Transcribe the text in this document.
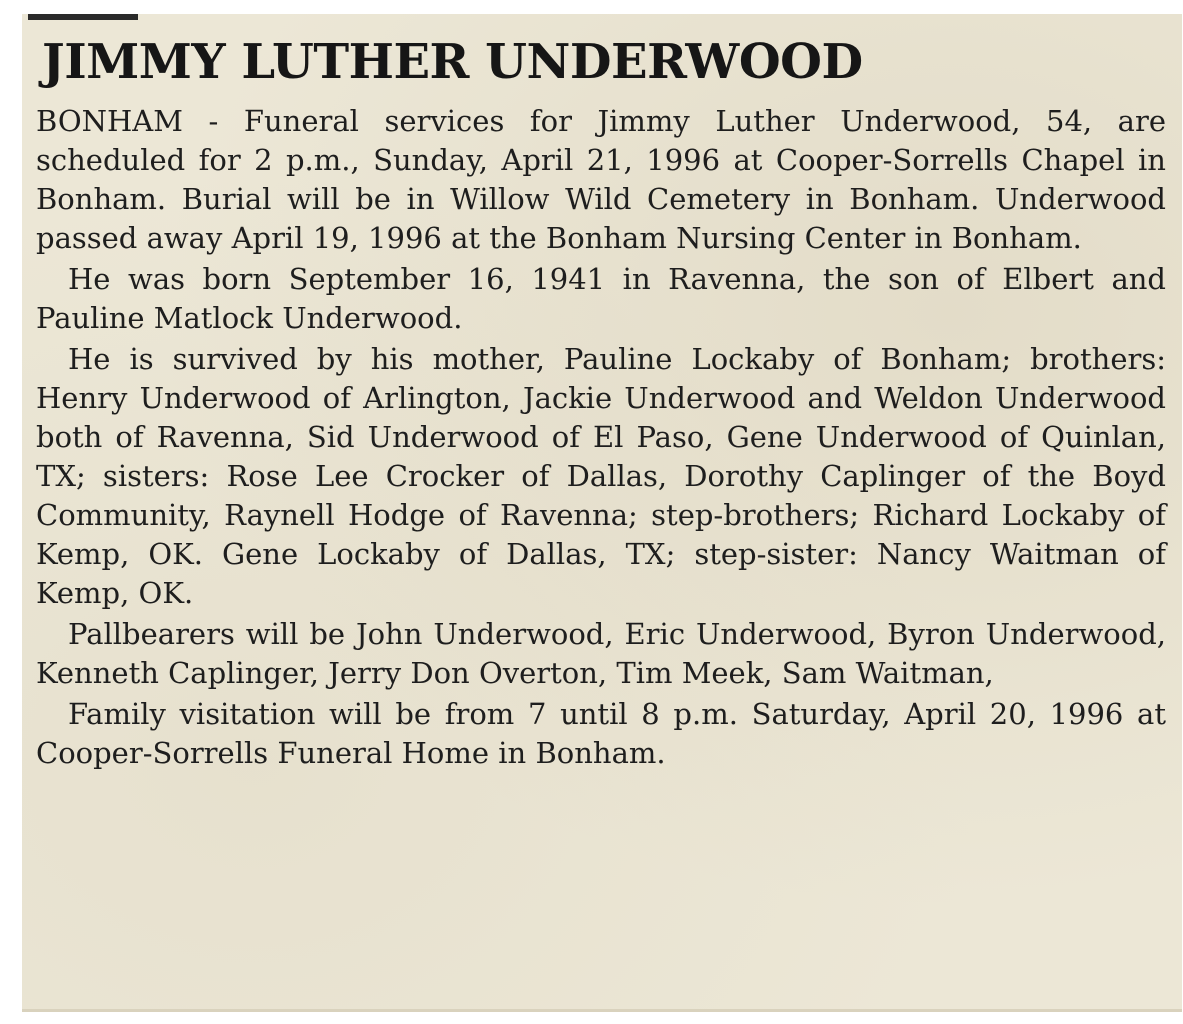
JIMMY LUTHER UNDERWOOD

BONHAM - Funeral services for Jimmy Luther Underwood, 54, are scheduled for 2 p.m., Sunday, April 21, 1996 at Cooper-Sorrells Chapel in Bonham. Burial will be in Willow Wild Cemetery in Bonham. Underwood passed away April 19, 1996 at the Bonham Nursing Center in Bonham.

He was born September 16, 1941 in Ravenna, the son of Elbert and Pauline Matlock Underwood.

He is survived by his mother, Pauline Lockaby of Bonham; brothers: Henry Underwood of Arlington, Jackie Underwood and Weldon Underwood both of Ravenna, Sid Underwood of El Paso, Gene Underwood of Quinlan, TX; sisters: Rose Lee Crocker of Dallas, Dorothy Caplinger of the Boyd Community, Raynell Hodge of Ravenna; step-brothers; Richard Lockaby of Kemp, OK. Gene Lockaby of Dallas, TX; step-sister: Nancy Waitman of Kemp, OK.

Pallbearers will be John Underwood, Eric Underwood, Byron Underwood, Kenneth Caplinger, Jerry Don Overton, Tim Meek, Sam Waitman,

Family visitation will be from 7 until 8 p.m. Saturday, April 20, 1996 at Cooper-Sorrells Funeral Home in Bonham.
